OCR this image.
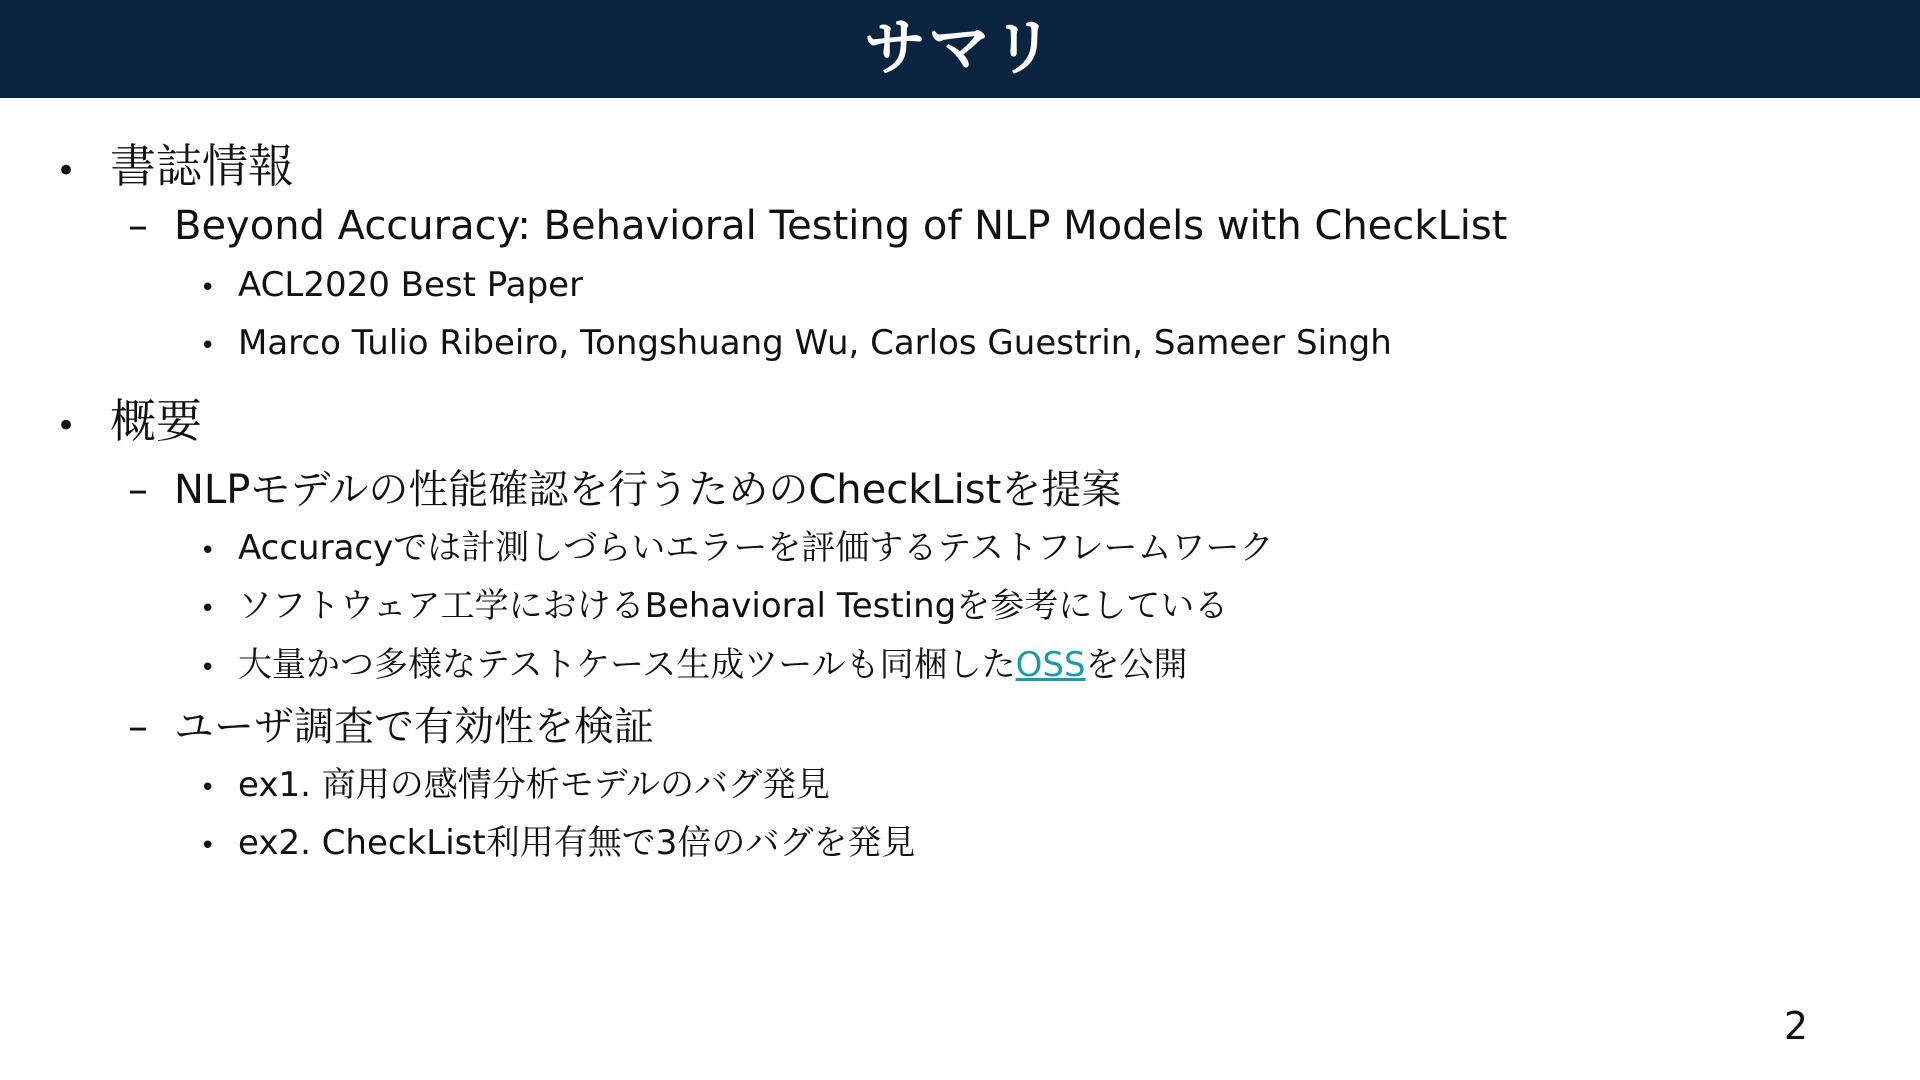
サマリ
• 書誌情報
– Beyond Accuracy: Behavioral Testing of NLP Models with CheckList
• ACL2020 Best Paper
• Marco Tulio Ribeiro, Tongshuang Wu, Carlos Guestrin, Sameer Singh
• 概要
– NLPモデルの性能確認を行うためのCheckListを提案
• Accuracyでは計測しづらいエラーを評価するテストフレームワーク
• ソフトウェア工学におけるBehavioral Testingを参考にしている
• 大量かつ多様なテストケース生成ツールも同梱した OSS を公開
– ユーザ調査で有効性を検証
• ex1. 商用の感情分析モデルのバグ発見
• ex2. CheckList利用有無で3倍のバグを発見
2
